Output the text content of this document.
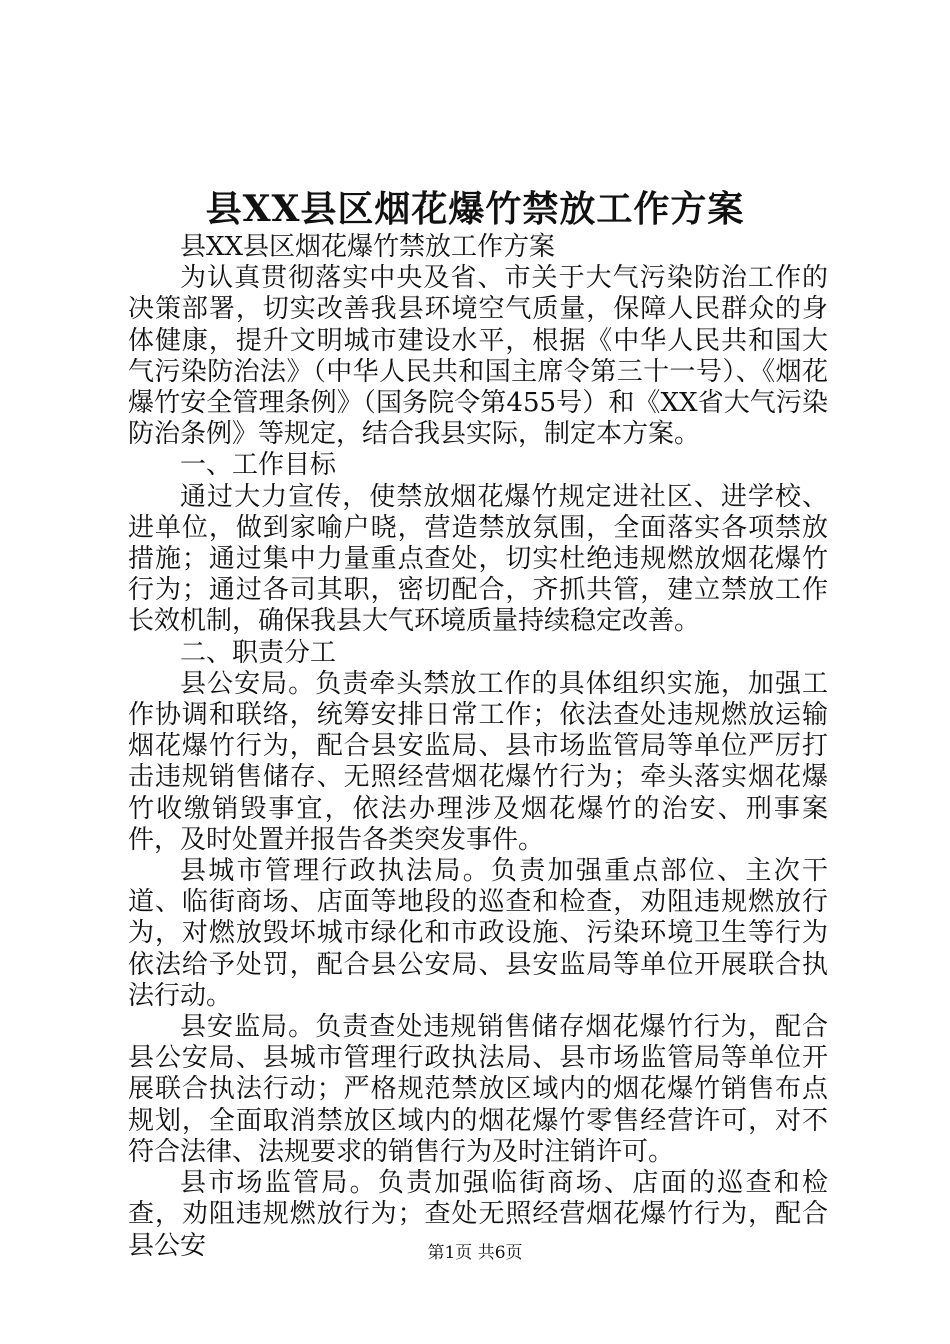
县XX县区烟花爆竹禁放工作方案

县XX县区烟花爆竹禁放工作方案

为认真贯彻落实中央及省、市关于大气污染防治工作的决策部署，切实改善我县环境空气质量，保障人民群众的身体健康，提升文明城市建设水平，根据《中华人民共和国大气污染防治法》（中华人民共和国主席令第三十一号）、《烟花爆竹安全管理条例》（国务院令第455号）和《XX省大气污染防治条例》等规定，结合我县实际，制定本方案。

一、工作目标

通过大力宣传，使禁放烟花爆竹规定进社区、进学校、进单位，做到家喻户晓，营造禁放氛围，全面落实各项禁放措施；通过集中力量重点查处，切实杜绝违规燃放烟花爆竹行为；通过各司其职，密切配合，齐抓共管，建立禁放工作长效机制，确保我县大气环境质量持续稳定改善。

二、职责分工

县公安局。负责牵头禁放工作的具体组织实施，加强工作协调和联络，统筹安排日常工作；依法查处违规燃放运输烟花爆竹行为，配合县安监局、县市场监管局等单位严厉打击违规销售储存、无照经营烟花爆竹行为；牵头落实烟花爆竹收缴销毁事宜，依法办理涉及烟花爆竹的治安、刑事案件，及时处置并报告各类突发事件。

县城市管理行政执法局。负责加强重点部位、主次干道、临街商场、店面等地段的巡查和检查，劝阻违规燃放行为，对燃放毁坏城市绿化和市政设施、污染环境卫生等行为依法给予处罚，配合县公安局、县安监局等单位开展联合执法行动。

县安监局。负责查处违规销售储存烟花爆竹行为，配合县公安局、县城市管理行政执法局、县市场监管局等单位开展联合执法行动；严格规范禁放区域内的烟花爆竹销售布点规划，全面取消禁放区域内的烟花爆竹零售经营许可，对不符合法律、法规要求的销售行为及时注销许可。

县市场监管局。负责加强临街商场、店面的巡查和检查，劝阻违规燃放行为；查处无照经营烟花爆竹行为，配合县公安	第1页 共6页
